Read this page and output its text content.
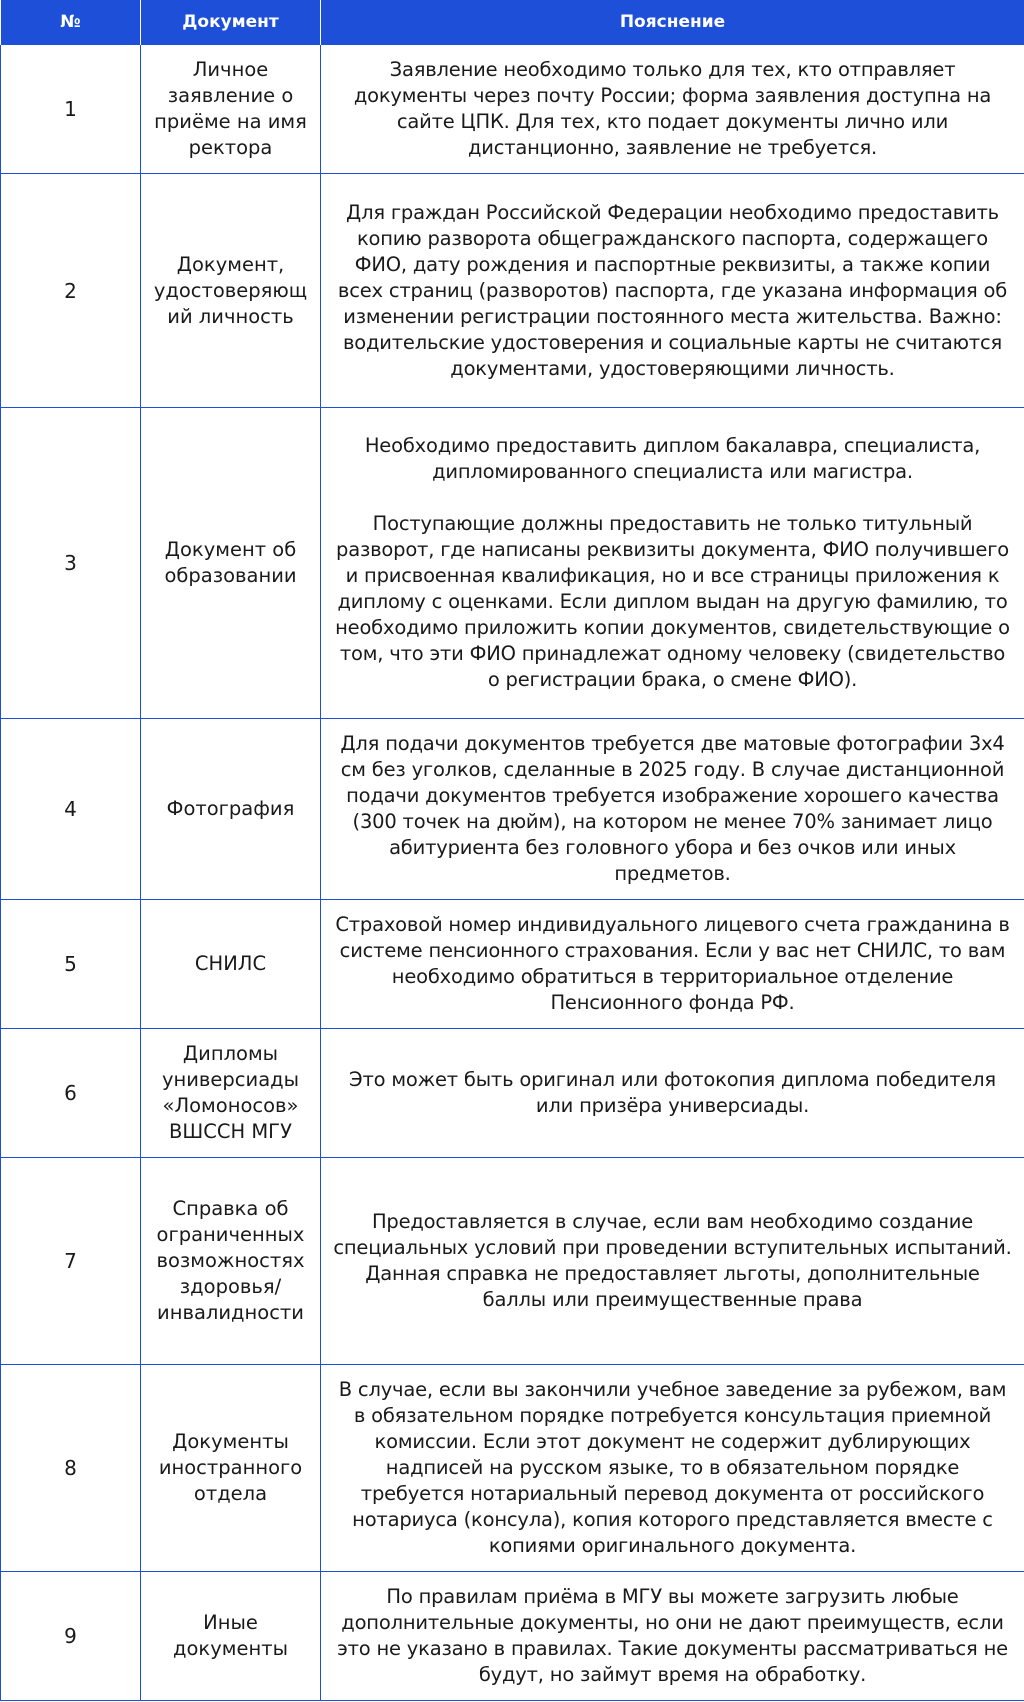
№	Документ	Пояснение
1	Личное заявление о приёме на имя ректора	Заявление необходимо только для тех, кто отправляет документы через почту России; форма заявления доступна на сайте ЦПК. Для тех, кто подает документы лично или дистанционно, заявление не требуется.

2	Документ, удостоверяющий личность	Для граждан Российской Федерации необходимо предоставить копию разворота общегражданского паспорта, содержащего ФИО, дату рождения и паспортные реквизиты, а также копии всех страниц (разворотов) паспорта, где указана информация об изменении регистрации постоянного места жительства. Важно: водительские удостоверения и социальные карты не считаются документами, удостоверяющими личность.

3	Документ об образовании	Необходимо предоставить диплом бакалавра, специалиста, дипломированного специалиста или магистра.
Поступающие должны предоставить не только титульный разворот, где написаны реквизиты документа, ФИО получившего и присвоенная квалификация, но и все страницы приложения к диплому с оценками. Если диплом выдан на другую фамилию, то необходимо приложить копии документов, свидетельствующие о том, что эти ФИО принадлежат одному человеку (свидетельство о регистрации брака, о смене ФИО).

4	Фотография	Для подачи документов требуется две матовые фотографии 3х4 см без уголков, сделанные в 2025 году. В случае дистанционной подачи документов требуется изображение хорошего качества (300 точек на дюйм), на котором не менее 70% занимает лицо абитуриента без головного убора и без очков или иных предметов.

5	СНИЛС	Страховой номер индивидуального лицевого счета гражданина в системе пенсионного страхования. Если у вас нет СНИЛС, то вам необходимо обратиться в территориальное отделение Пенсионного фонда РФ.

6	Дипломы универсиады «Ломоносов» ВШССН МГУ	Это может быть оригинал или фотокопия диплома победителя или призёра универсиады.

7	Справка об ограниченных возможностях здоровья/ инвалидности	Предоставляется в случае, если вам необходимо создание специальных условий при проведении вступительных испытаний. Данная справка не предоставляет льготы, дополнительные баллы или преимущественные права

8	Документы иностранного отдела	В случае, если вы закончили учебное заведение за рубежом, вам в обязательном порядке потребуется консультация приемной комиссии. Если этот документ не содержит дублирующих надписей на русском языке, то в обязательном порядке требуется нотариальный перевод документа от российского нотариуса (консула), копия которого представляется вместе с копиями оригинального документа.

9	Иные документы	По правилам приёма в МГУ вы можете загрузить любые дополнительные документы, но они не дают преимуществ, если это не указано в правилах. Такие документы рассматриваться не будут, но займут время на обработку.
